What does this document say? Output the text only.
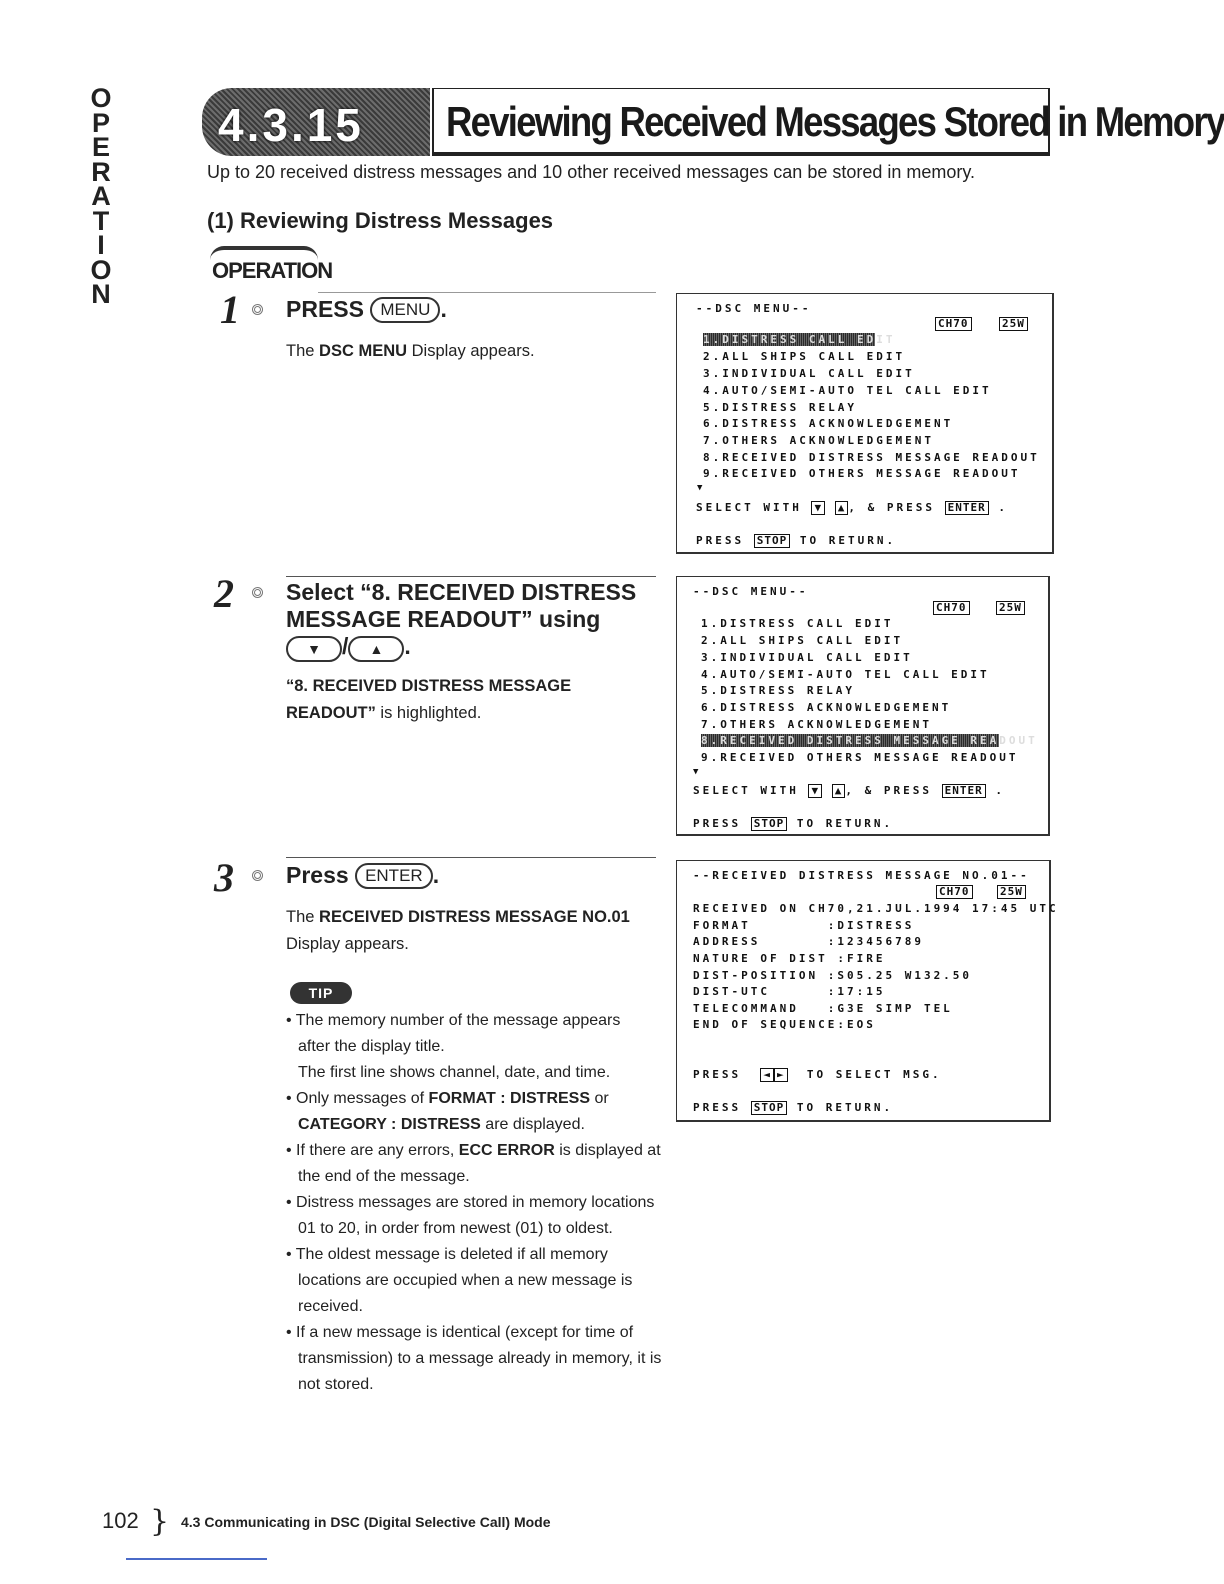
O
P
E
R
A
T
I
O
N
4.3.15 Reviewing Received Messages Stored in Memory
Up to 20 received distress messages and 10 other received messages can be stored in memory.
(1) Reviewing Distress Messages
OPERATION
1 PRESS MENU .
The DSC MENU Display appears.
--DSC MENU--
CH70	25W
1.DISTRESS CALL EDIT
2.ALL SHIPS CALL EDIT
3.INDIVIDUAL CALL EDIT
4.AUTO/SEMI-AUTO TEL CALL EDIT
5.DISTRESS RELAY
6.DISTRESS ACKNOWLEDGEMENT
7.OTHERS ACKNOWLEDGEMENT
8.RECEIVED DISTRESS MESSAGE READOUT
9.RECEIVED OTHERS MESSAGE READOUT
▼
SELECT WITH ▼ ▲ , & PRESS ENTER .
PRESS STOP TO RETURN.
2 Select “8. RECEIVED DISTRESS
MESSAGE READOUT” using
▼ / ▲ .
“8. RECEIVED DISTRESS MESSAGE
READOUT” is highlighted.
--DSC MENU--
CH70	25W
1.DISTRESS CALL EDIT
2.ALL SHIPS CALL EDIT
3.INDIVIDUAL CALL EDIT
4.AUTO/SEMI-AUTO TEL CALL EDIT
5.DISTRESS RELAY
6.DISTRESS ACKNOWLEDGEMENT
7.OTHERS ACKNOWLEDGEMENT
8.RECEIVED DISTRESS MESSAGE READOUT
9.RECEIVED OTHERS MESSAGE READOUT
▼
SELECT WITH ▼ ▲ , & PRESS ENTER .
PRESS STOP TO RETURN.
3 Press ENTER .
The RECEIVED DISTRESS MESSAGE NO.01
Display appears.
TIP
• The memory number of the message appears
after the display title.
The first line shows channel, date, and time.
• Only messages of FORMAT : DISTRESS or CATEGORY : DISTRESS are displayed.
• If there are any errors, ECC ERROR is displayed at the end of the message.
• Distress messages are stored in memory locations 01 to 20, in order from newest (01) to oldest.
• The oldest message is deleted if all memory locations are occupied when a new message is received.
• If a new message is identical (except for time of transmission) to a message already in memory, it is not stored.
--RECEIVED DISTRESS MESSAGE NO.01--
CH70	25W
RECEIVED ON CH70,21.JUL.1994 17:45 UTC
FORMAT        :DISTRESS
ADDRESS       :123456789
NATURE OF DIST :FIRE
DIST-POSITION :S05.25 W132.50
DIST-UTC      :17:15
TELECOMMAND   :G3E SIMP TEL
END OF SEQUENCE:EOS
PRESS ◄ ► TO SELECT MSG.
PRESS STOP TO RETURN.
102 } 4.3 Communicating in DSC (Digital Selective Call) Mode
